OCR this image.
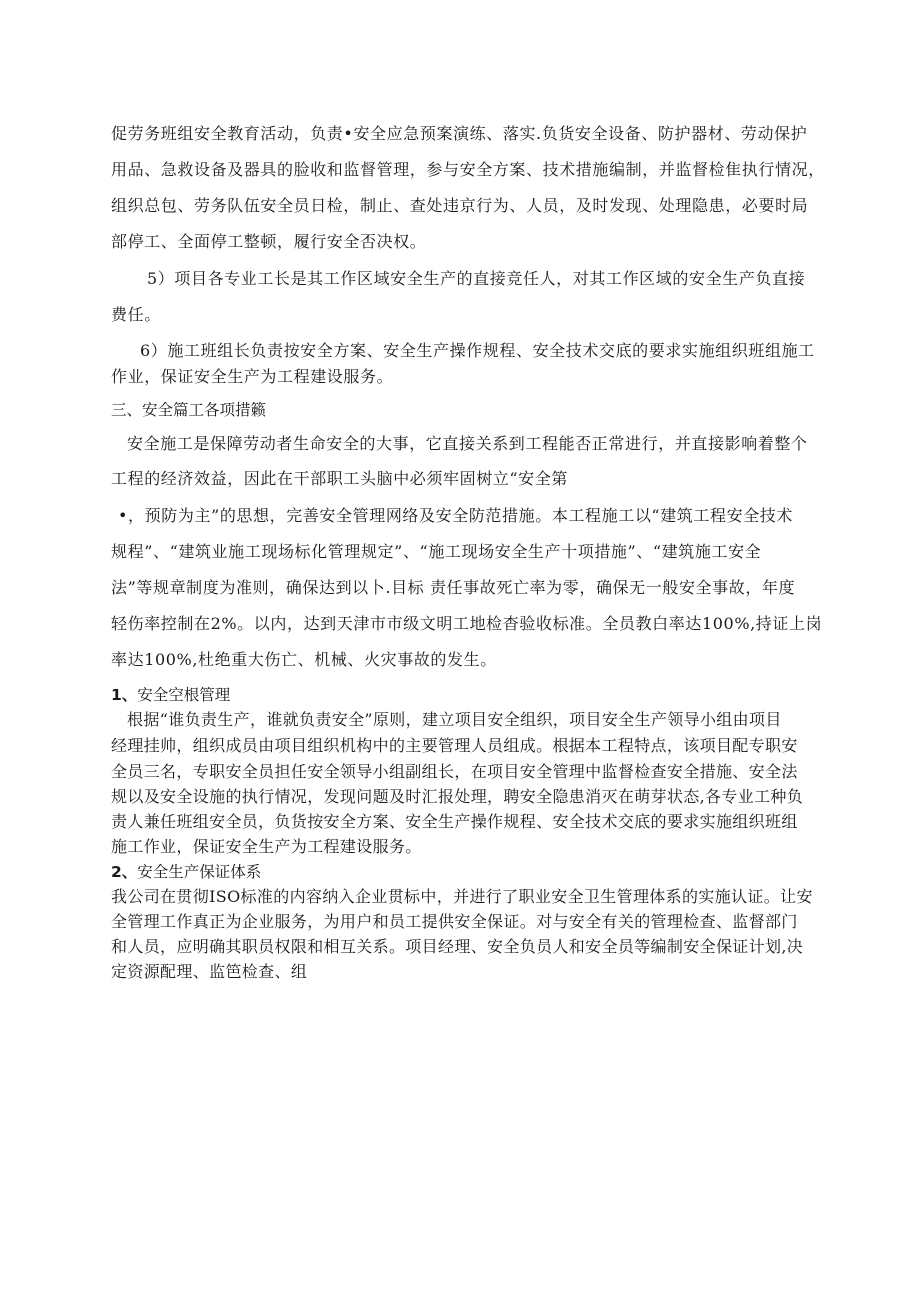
促劳务班组安全教育活动，负责•安全应急预案演练、落实.负货安全设备、防护器材、劳动保护
用品、急救设备及器具的脸收和监督管理，参与安全方案、技术措施编制，并监督检隹执行情况，
组织总包、劳务队伍安全员日检，制止、查处违京行为、人员，及时发现、处理隐患，必要时局
部停工、全面停工整顿，履行安全否决权。
5）项目各专业工长是其工作区域安全生产的直接竞任人，对其工作区域的安全生产负直接
费任。
6）施工班组长负责按安全方案、安全生产操作规程、安全技术交底的要求实施组织班组施工
作业，保证安全生产为工程建设服务。
三、安全篇工各项措籁
安全施工是保障劳动者生命安全的大事，它直接关系到工程能否正常进行，并直接影响着整个
工程的经济效益，因此在干部职工头脑中必须牢固树立“安全第
•，预防为主”的思想，完善安全管理网络及安全防范措施。本工程施工以“建筑工程安全技术
规程”、“建筑业施工现场标化管理规定”、“施工现场安全生产十项措施”、“建筑施工安全
法”等规章制度为准则，确保达到以卜.目标 责任事故死亡率为零，确保无一般安全事故，年度
轻伤率控制在2%。以内，达到天津市市级文明工地检杳验收标准。全员教白率达100%,持证上岗
率达100%,杜绝重大伤亡、机械、火灾事故的发生。
1、安全空根管理
根据“谁负责生产，谁就负责安全”原则，建立项目安全组织，项目安全生产领导小组由项目
经理挂帅，组织成员由项目组织机构中的主要管理人员组成。根据本工程特点，该项目配专职安
全员三名，专职安全员担任安全领导小组副组长，在项目安全管理中监督检查安全措施、安全法
规以及安全设施的执行情况，发现问题及时汇报处理，聘安全隐患消灭在萌芽状态,各专业工种负
责人兼任班组安全员，负货按安全方案、安全生产操作规程、安全技术交底的要求实施组织班组
施工作业，保证安全生产为工程建设服务。
2、安全生产保证体系
我公司在贯彻ISO标准的内容纳入企业贯标中，并进行了职业安全卫生管理体系的实施认证。让安
全管理工作真正为企业服务，为用户和员工提供安全保证。对与安全有关的管理检查、监督部门
和人员，应明确其职员权限和相互关系。项目经理、安全负员人和安全员等编制安全保证计划,决
定资源配理、监笆检查、组
